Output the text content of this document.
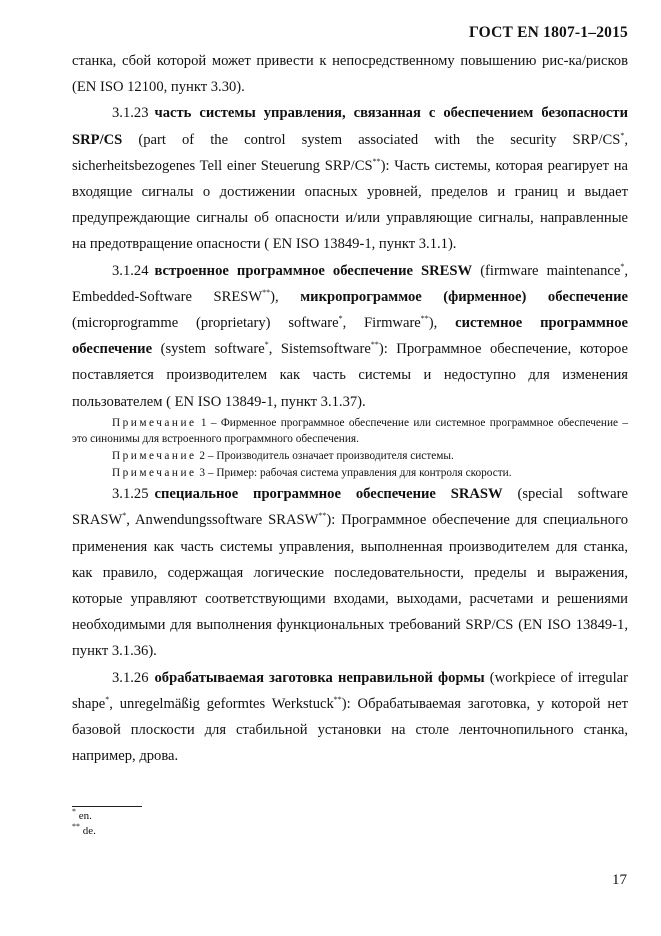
ГОСТ EN 1807-1–2015

станка, сбой которой может привести к непосредственному повышению рис-ка/рисков (EN ISO 12100, пункт 3.30).

3.1.23 часть системы управления, связанная с обеспечением безопасности SRP/CS (part of the control system associated with the security SRP/CS*, sicherheitsbezogenes Tell einer Steuerung SRP/CS**): Часть системы, которая реагирует на входящие сигналы о достижении опасных уровней, пределов и границ и выдает предупреждающие сигналы об опасности и/или управляющие сигналы, направленные на предотвращение опасности ( EN ISO 13849-1, пункт 3.1.1).

3.1.24 встроенное программное обеспечение SRESW (firmware maintenance*, Embedded-Software SRESW**), микропрограммое (фирменное) обеспечение (microprogramme (proprietary) software*, Firmware**), системное программное обеспечение (system software*, Sistemsoftware**): Программное обеспечение, которое поставляется производителем как часть системы и недоступно для изменения пользователем ( EN ISO 13849-1, пункт 3.1.37).

Примечание 1 – Фирменное программное обеспечение или системное программное обеспечение – это синонимы для встроенного программного обеспечения.

Примечание 2 – Производитель означает производителя системы.

Примечание 3 – Пример: рабочая система управления для контроля скорости.

3.1.25 специальное программное обеспечение SRASW (special software SRASW*, Anwendungssoftware SRASW**): Программное обеспечение для специального применения как часть системы управления, выполненная производителем для станка, как правило, содержащая логические последовательности, пределы и выражения, которые управляют соответствующими входами, выходами, расчетами и решениями необходимыми для выполнения функциональных требований SRP/CS (EN ISO 13849-1, пункт 3.1.36).

3.1.26 обрабатываемая заготовка неправильной формы (workpiece of irregular shape*, unregelmäßig geformtes Werkstuck**): Обрабатываемая заготовка, у которой нет базовой плоскости для стабильной установки на столе ленточнопильного станка, например, дрова.

* en.
** de.
17
